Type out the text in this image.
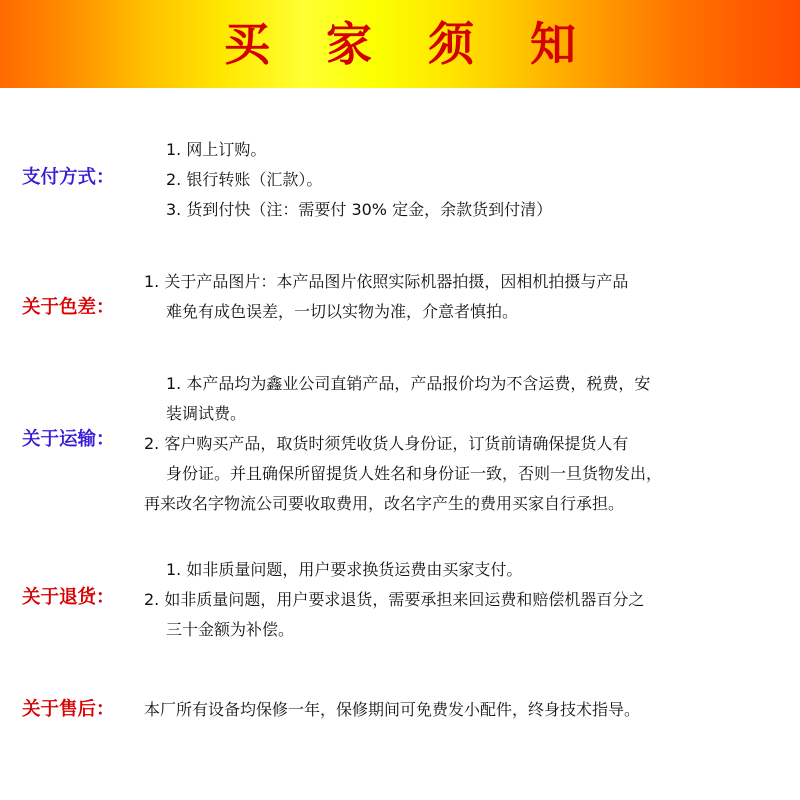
买 家 须 知
支付方式：
1. 网上订购。
2. 银行转账（汇款）。
3. 货到付快（注：需要付 30% 定金，余款货到付清）
关于色差：
1. 关于产品图片：本产品图片依照实际机器拍摄，因相机拍摄与产品
难免有成色误差，一切以实物为准，介意者慎拍。
关于运输：
1. 本产品均为鑫业公司直销产品，产品报价均为不含运费，税费，安
装调试费。
2. 客户购买产品，取货时须凭收货人身份证，订货前请确保提货人有
身份证。并且确保所留提货人姓名和身份证一致，否则一旦货物发出，
再来改名字物流公司要收取费用，改名字产生的费用买家自行承担。
关于退货：
1. 如非质量问题，用户要求换货运费由买家支付。
2. 如非质量问题，用户要求退货，需要承担来回运费和赔偿机器百分之
三十金额为补偿。
关于售后：	本厂所有设备均保修一年，保修期间可免费发小配件，终身技术指导。
